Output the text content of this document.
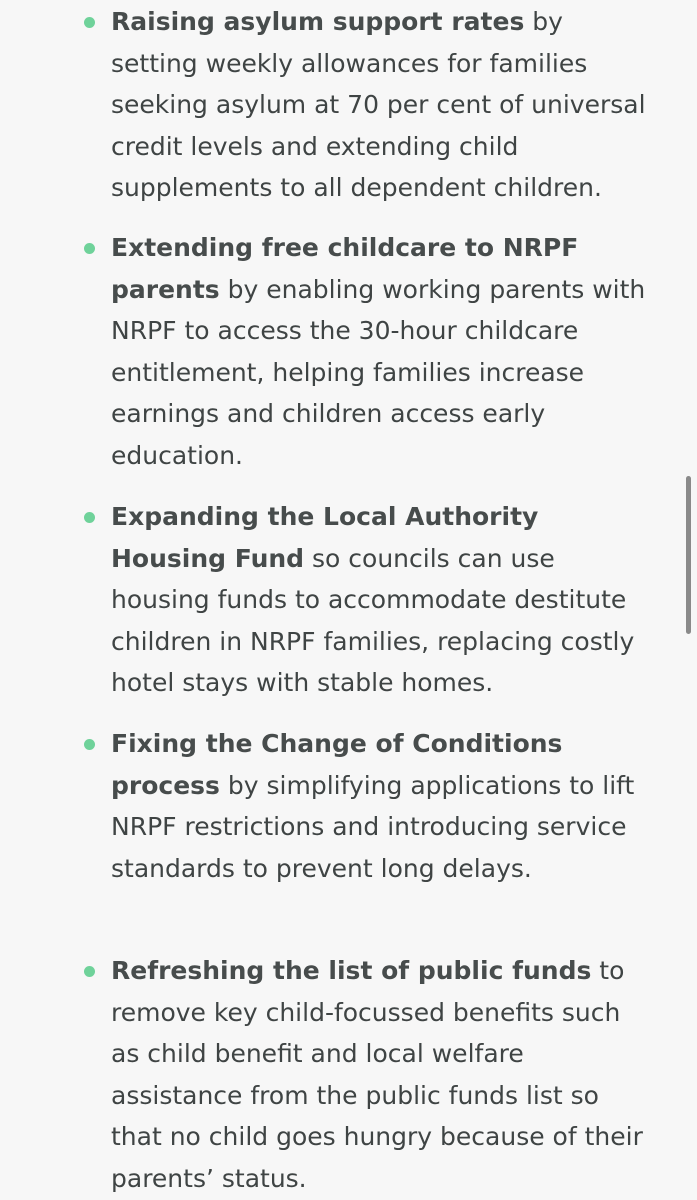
Raising asylum support rates by setting weekly allowances for families seeking asylum at 70 per cent of universal credit levels and extending child supplements to all dependent children.
Extending free childcare to NRPF parents by enabling working parents with NRPF to access the 30-hour childcare entitlement, helping families increase earnings and children access early education.
Expanding the Local Authority Housing Fund so councils can use housing funds to accommodate destitute children in NRPF families, replacing costly hotel stays with stable homes.
Fixing the Change of Conditions process by simplifying applications to lift NRPF restrictions and introducing service standards to prevent long delays.
Refreshing the list of public funds to remove key child-focussed benefits such as child benefit and local welfare assistance from the public funds list so that no child goes hungry because of their parents’ status.
